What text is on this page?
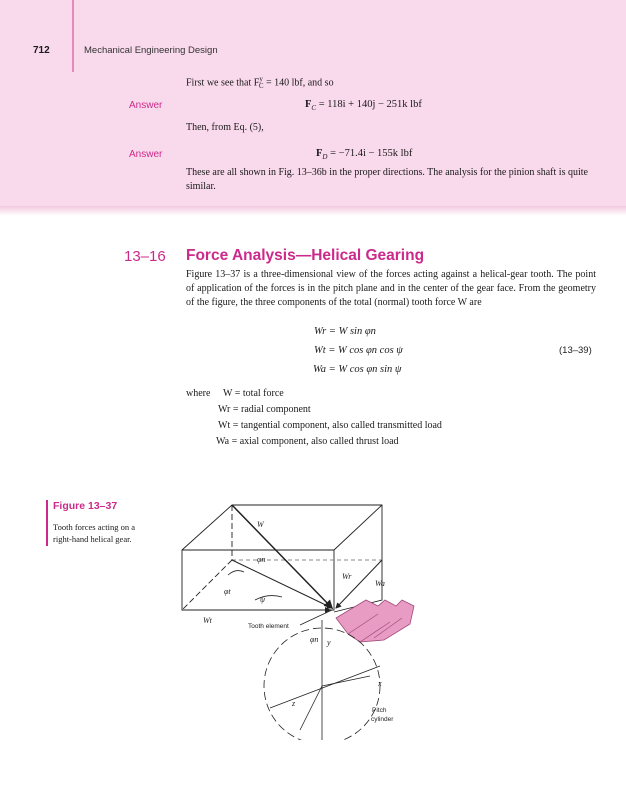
712	Mechanical Engineering Design
First we see that $F^y_C = 140$ lbf, and so
Answer	$F_C = 118i + 140j - 251k$ lbf
Then, from Eq. (5),
Answer	$F_D = -71.4i - 155k$ lbf
These are all shown in Fig. 13–36b in the proper directions. The analysis for the pinion shaft is quite similar.
13–16 Force Analysis—Helical Gearing
Figure 13–37 is a three-dimensional view of the forces acting against a helical-gear tooth. The point of application of the forces is in the pitch plane and in the center of the gear face. From the geometry of the figure, the three components of the total (normal) tooth force W are
Wr = W sin φn
Wt = W cos φn cos ψ
Wa = W cos φn sin ψ
(13–39)
where W = total force
Wr = radial component
Wt = tangential component, also called transmitted load
Wa = axial component, also called thrust load
Figure 13–37
Tooth forces acting on a right-hand helical gear.
W
Wr
Wa
Wt
φn
φt
ψ
φn y
x
z
Tooth element
Pitch
cylinder
